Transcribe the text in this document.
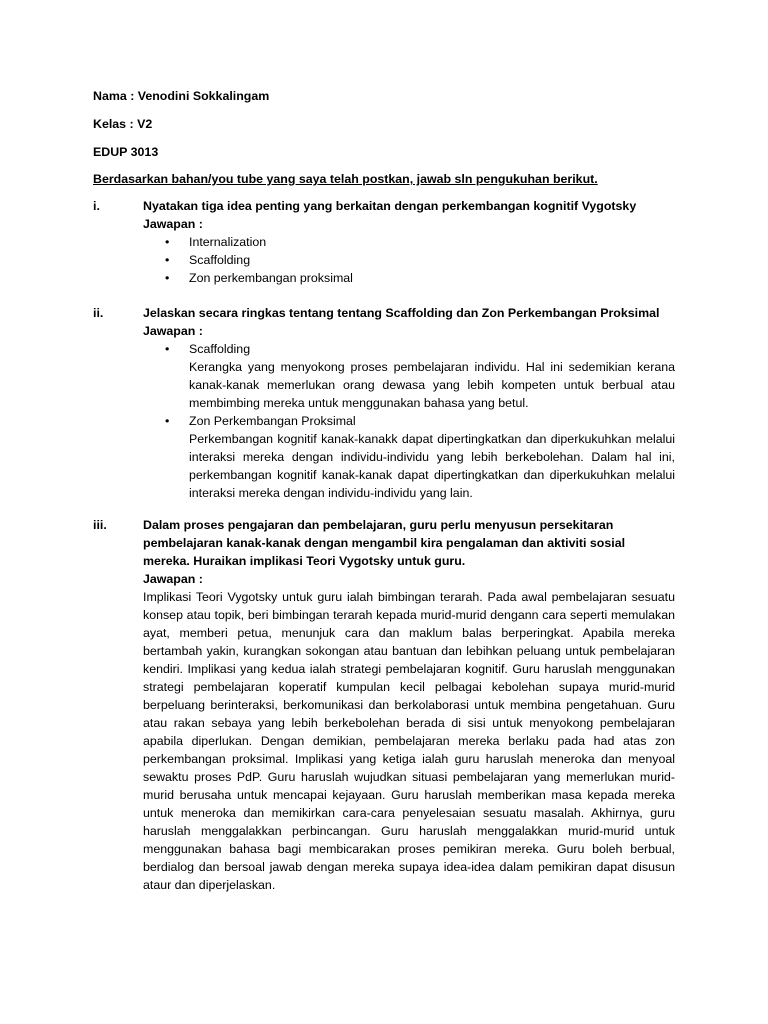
Nama : Venodini Sokkalingam
Kelas : V2
EDUP 3013
Berdasarkan bahan/you tube yang saya telah postkan, jawab sln pengukuhan berikut.
i.	Nyatakan tiga idea penting yang berkaitan dengan perkembangan kognitif Vygotsky
Jawapan :
• Internalization
• Scaffolding
• Zon perkembangan proksimal
ii.	Jelaskan secara ringkas tentang tentang Scaffolding dan Zon Perkembangan Proksimal
Jawapan :
• Scaffolding
Kerangka yang menyokong proses pembelajaran individu. Hal ini sedemikian kerana kanak-kanak memerlukan orang dewasa yang lebih kompeten untuk berbual atau membimbing mereka untuk menggunakan bahasa yang betul.
• Zon Perkembangan Proksimal
Perkembangan kognitif kanak-kanakk dapat dipertingkatkan dan diperkukuhkan melalui interaksi mereka dengan individu-individu yang lebih berkebolehan. Dalam hal ini, perkembangan kognitif kanak-kanak dapat dipertingkatkan dan diperkukuhkan melalui interaksi mereka dengan individu-individu yang lain.
iii.	Dalam proses pengajaran dan pembelajaran, guru perlu menyusun persekitaran pembelajaran kanak-kanak dengan mengambil kira pengalaman dan aktiviti sosial mereka. Huraikan implikasi Teori Vygotsky untuk guru.
Jawapan :
Implikasi Teori Vygotsky untuk guru ialah bimbingan terarah. Pada awal pembelajaran sesuatu konsep atau topik, beri bimbingan terarah kepada murid-murid dengann cara seperti memulakan ayat, memberi petua, menunjuk cara dan maklum balas berperingkat. Apabila mereka bertambah yakin, kurangkan sokongan atau bantuan dan lebihkan peluang untuk pembelajaran kendiri. Implikasi yang kedua ialah strategi pembelajaran kognitif. Guru haruslah menggunakan strategi pembelajaran koperatif kumpulan kecil pelbagai kebolehan supaya murid-murid berpeluang berinteraksi, berkomunikasi dan berkolaborasi untuk membina pengetahuan. Guru atau rakan sebaya yang lebih berkebolehan berada di sisi untuk menyokong pembelajaran apabila diperlukan. Dengan demikian, pembelajaran mereka berlaku pada had atas zon perkembangan proksimal. Implikasi yang ketiga ialah guru haruslah meneroka dan menyoal sewaktu proses PdP. Guru haruslah wujudkan situasi pembelajaran yang memerlukan murid-murid berusaha untuk mencapai kejayaan. Guru haruslah memberikan masa kepada mereka untuk meneroka dan memikirkan cara-cara penyelesaian sesuatu masalah. Akhirnya, guru haruslah menggalakkan perbincangan. Guru haruslah menggalakkan murid-murid untuk menggunakan bahasa bagi membicarakan proses pemikiran mereka. Guru boleh berbual, berdialog dan bersoal jawab dengan mereka supaya idea-idea dalam pemikiran dapat disusun ataur dan diperjelaskan.
